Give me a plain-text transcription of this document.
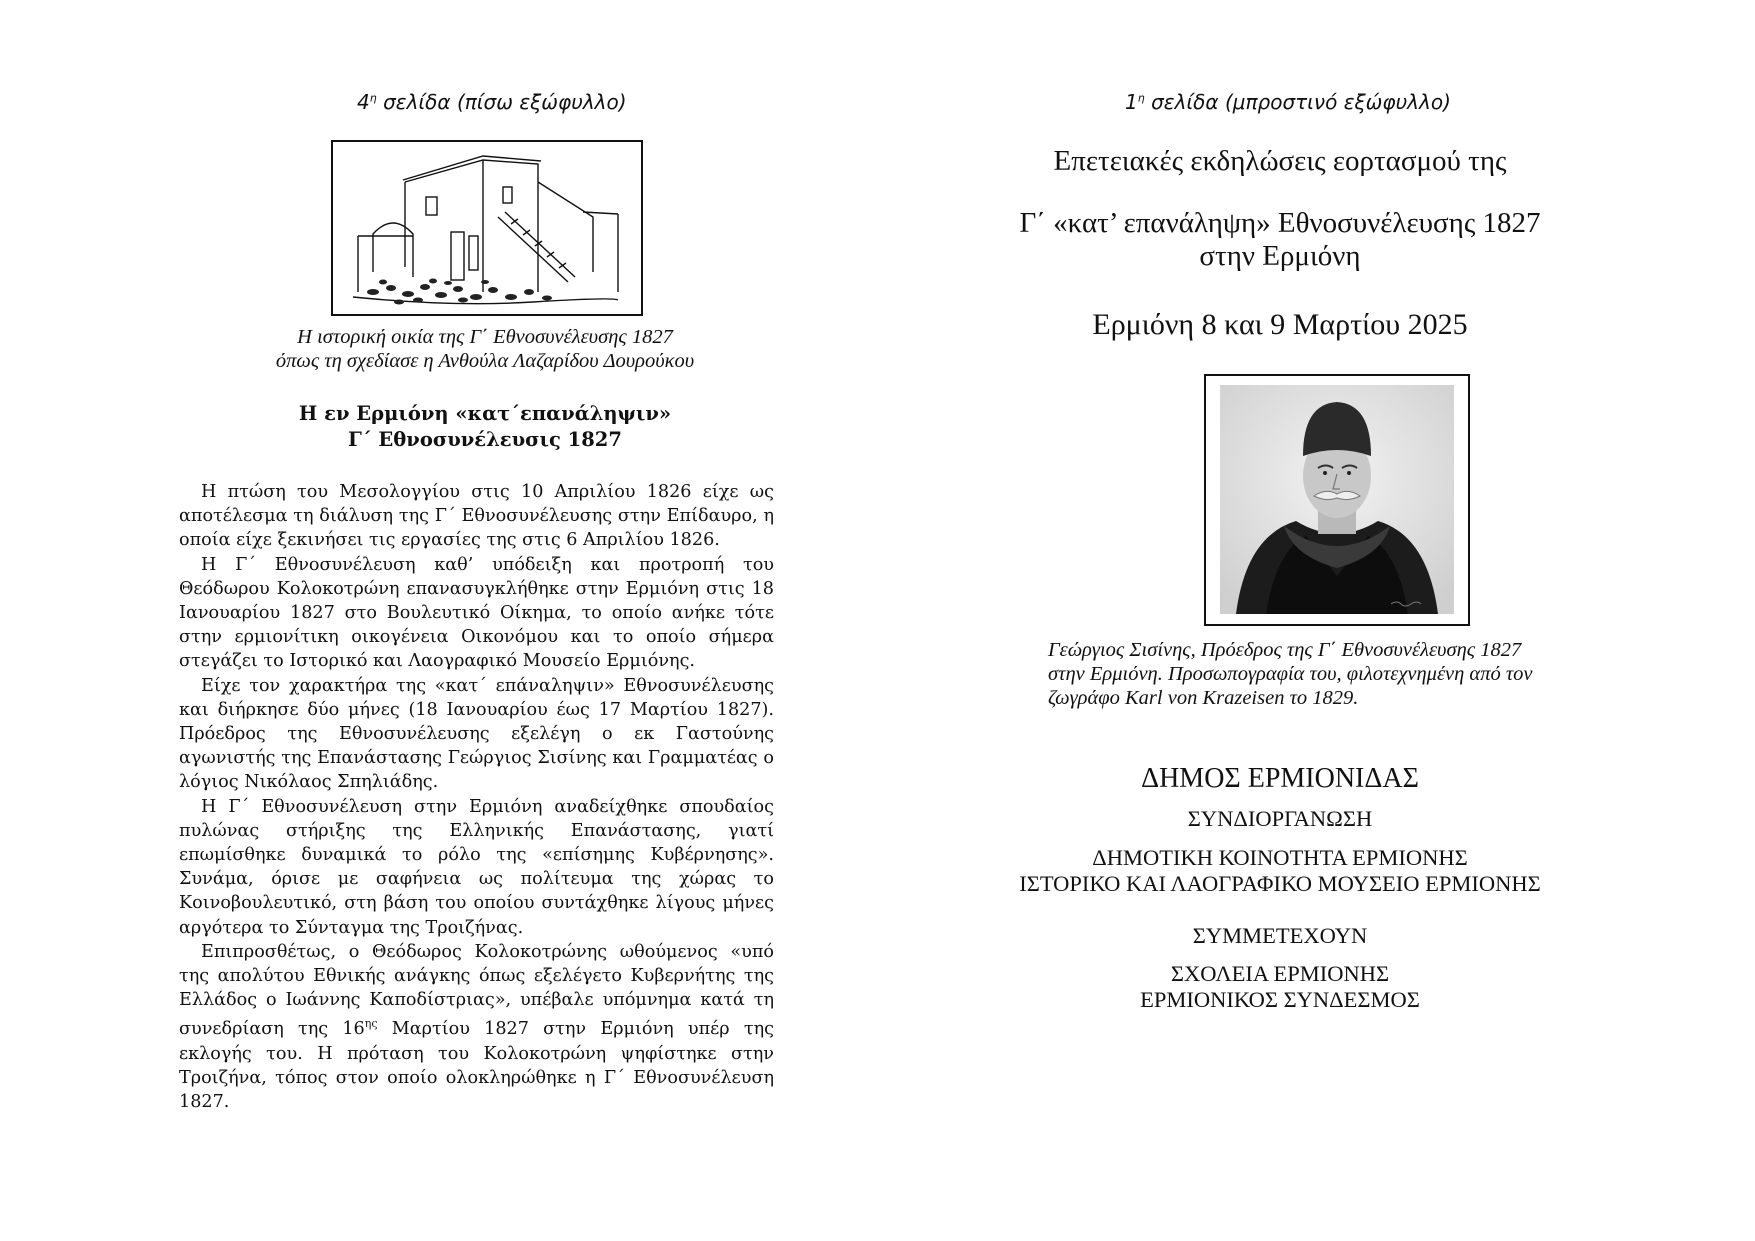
$4^\eta$ σελίδα (πίσω εξώφυλλο)
Η ιστορική οικία της Γ΄ Εθνοσυνέλευσης 1827
όπως τη σχεδίασε η Ανθούλα Λαζαρίδου Δουρούκου
Η εν Ερμιόνη «κατ΄επανάληψιν»
Γ΄ Εθνοσυνέλευσις 1827

Η πτώση του Μεσολογγίου στις 10 Απριλίου 1826 είχε ως αποτέλεσμα τη διάλυση της Γ΄ Εθνοσυνέλευσης στην Επίδαυρο, η οποία είχε ξεκινήσει τις εργασίες της στις 6 Απριλίου 1826.

Η Γ΄ Εθνοσυνέλευση καθ’ υπόδειξη και προτροπή του Θεόδωρου Κολοκοτρώνη επανασυγκλήθηκε στην Ερμιόνη στις 18 Ιανουαρίου 1827 στο Βουλευτικό Οίκημα, το οποίο ανήκε τότε στην ερμιονίτικη οικογένεια Οικονόμου και το οποίο σήμερα στεγάζει το Ιστορικό και Λαογραφικό Μουσείο Ερμιόνης.

Είχε τον χαρακτήρα της «κατ΄ επάναληψιν» Εθνοσυνέλευσης και διήρκησε δύο μήνες (18 Ιανουαρίου έως 17 Μαρτίου 1827). Πρόεδρος της Εθνοσυνέλευσης εξελέγη ο εκ Γαστούνης αγωνιστής της Επανάστασης Γεώργιος Σισίνης και Γραμματέας ο λόγιος Νικόλαος Σπηλιάδης.

Η Γ΄ Εθνοσυνέλευση στην Ερμιόνη αναδείχθηκε σπουδαίος πυλώνας στήριξης της Ελληνικής Επανάστασης, γιατί επωμίσθηκε δυναμικά το ρόλο της «επίσημης Κυβέρνησης». Συνάμα, όρισε με σαφήνεια ως πολίτευμα της χώρας το Κοινοβουλευτικό, στη βάση του οποίου συντάχθηκε λίγους μήνες αργότερα το Σύνταγμα της Τροιζήνας.

Επιπροσθέτως, ο Θεόδωρος Κολοκοτρώνης ωθούμενος «υπό της απολύτου Εθνικής ανάγκης όπως εξελέγετο Κυβερνήτης της Ελλάδος ο Ιωάννης Καποδίστριας», υπέβαλε υπόμνημα κατά τη συνεδρίαση της $16^{\eta\varsigma}$ Μαρτίου 1827 στην Ερμιόνη υπέρ της εκλογής του. Η πρόταση του Κολοκοτρώνη ψηφίστηκε στην Τροιζήνα, τόπος στον οποίο ολοκληρώθηκε η Γ΄ Εθνοσυνέλευση 1827.

$1^\eta$ σελίδα (μπροστινό εξώφυλλο)
Επετειακές εκδηλώσεις εορτασμού της
Γ΄ «κατ’ επανάληψη» Εθνοσυνέλευσης 1827
στην Ερμιόνη
Ερμιόνη 8 και 9 Μαρτίου 2025
Γεώργιος Σισίνης, Πρόεδρος της Γ΄ Εθνοσυνέλευσης 1827
στην Ερμιόνη. Προσωπογραφία του, φιλοτεχνημένη από τον
ζωγράφο Karl von Krazeisen το 1829.
ΔΗΜΟΣ ΕΡΜΙΟΝΙΔΑΣ
ΣΥΝΔΙΟΡΓΑΝΩΣΗ
ΔΗΜΟΤΙΚΗ ΚΟΙΝΟΤΗΤΑ ΕΡΜΙΟΝΗΣ
ΙΣΤΟΡΙΚΟ ΚΑΙ ΛΑΟΓΡΑΦΙΚΟ ΜΟΥΣΕΙΟ ΕΡΜΙΟΝΗΣ
ΣΥΜΜΕΤΕΧΟΥΝ
ΣΧΟΛΕΙΑ ΕΡΜΙΟΝΗΣ
ΕΡΜΙΟΝΙΚΟΣ ΣΥΝΔΕΣΜΟΣ
